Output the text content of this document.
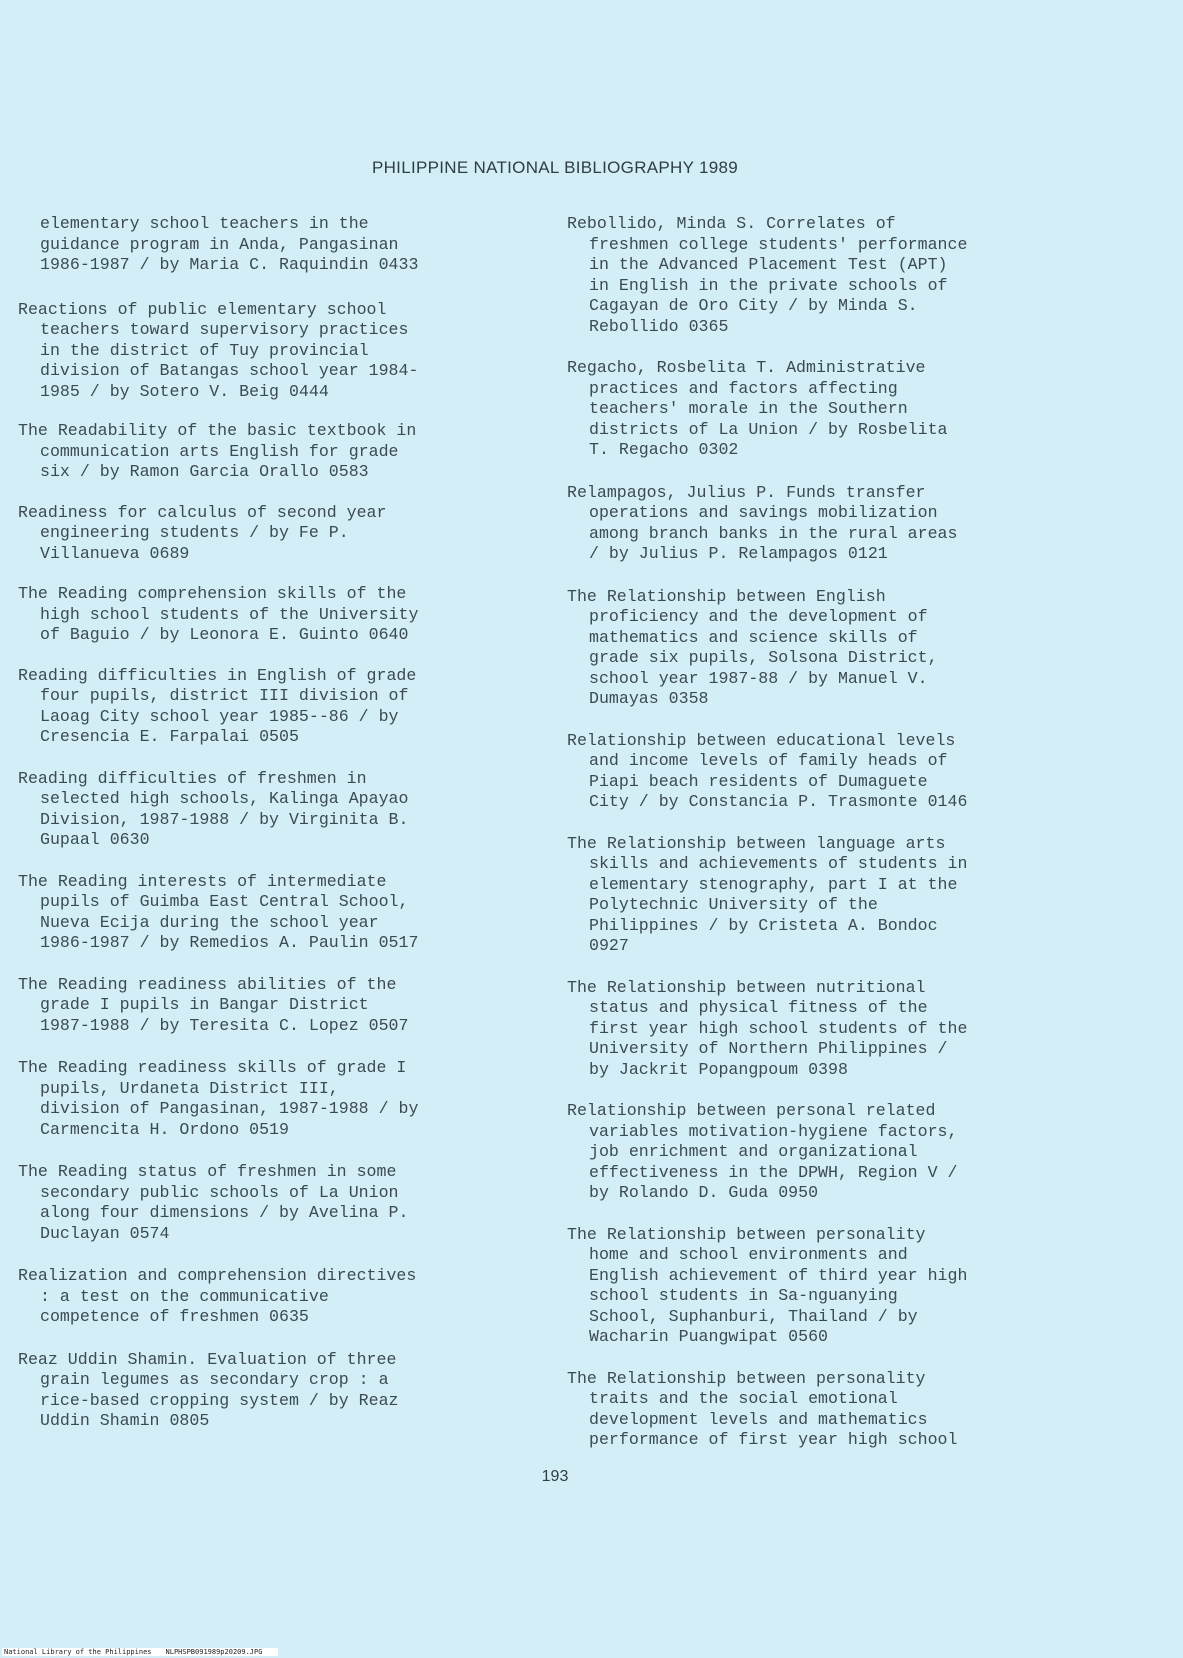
PHILIPPINE NATIONAL BIBLIOGRAPHY 1989
elementary school teachers in the
guidance program in Anda, Pangasinan
1986-1987 / by Maria C. Raquindin 0433
Reactions of public elementary school
teachers toward supervisory practices
in the district of Tuy provincial
division of Batangas school year 1984-
1985 / by Sotero V. Beig 0444
The Readability of the basic textbook in
communication arts English for grade
six / by Ramon Garcia Orallo 0583
Readiness for calculus of second year
engineering students / by Fe P.
Villanueva 0689
The Reading comprehension skills of the
high school students of the University
of Baguio / by Leonora E. Guinto 0640
Reading difficulties in English of grade
four pupils, district III division of
Laoag City school year 1985--86 / by
Cresencia E. Farpalai 0505
Reading difficulties of freshmen in
selected high schools, Kalinga Apayao
Division, 1987-1988 / by Virginita B.
Gupaal 0630
The Reading interests of intermediate
pupils of Guimba East Central School,
Nueva Ecija during the school year
1986-1987 / by Remedios A. Paulin 0517
The Reading readiness abilities of the
grade I pupils in Bangar District
1987-1988 / by Teresita C. Lopez 0507
The Reading readiness skills of grade I
pupils, Urdaneta District III,
division of Pangasinan, 1987-1988 / by
Carmencita H. Ordono 0519
The Reading status of freshmen in some
secondary public schools of La Union
along four dimensions / by Avelina P.
Duclayan 0574
Realization and comprehension directives
: a test on the communicative
competence of freshmen 0635
Reaz Uddin Shamin. Evaluation of three
grain legumes as secondary crop : a
rice-based cropping system / by Reaz
Uddin Shamin 0805
Rebollido, Minda S. Correlates of
freshmen college students' performance
in the Advanced Placement Test (APT)
in English in the private schools of
Cagayan de Oro City / by Minda S.
Rebollido 0365
Regacho, Rosbelita T. Administrative
practices and factors affecting
teachers' morale in the Southern
districts of La Union / by Rosbelita
T. Regacho 0302
Relampagos, Julius P. Funds transfer
operations and savings mobilization
among branch banks in the rural areas
/ by Julius P. Relampagos 0121
The Relationship between English
proficiency and the development of
mathematics and science skills of
grade six pupils, Solsona District,
school year 1987-88 / by Manuel V.
Dumayas 0358
Relationship between educational levels
and income levels of family heads of
Piapi beach residents of Dumaguete
City / by Constancia P. Trasmonte 0146
The Relationship between language arts
skills and achievements of students in
elementary stenography, part I at the
Polytechnic University of the
Philippines / by Cristeta A. Bondoc
0927
The Relationship between nutritional
status and physical fitness of the
first year high school students of the
University of Northern Philippines /
by Jackrit Popangpoum 0398
Relationship between personal related
variables motivation-hygiene factors,
job enrichment and organizational
effectiveness in the DPWH, Region V /
by Rolando D. Guda 0950
The Relationship between personality
home and school environments and
English achievement of third year high
school students in Sa-nguanying
School, Suphanburi, Thailand / by
Wacharin Puangwipat 0560
The Relationship between personality
traits and the social emotional
development levels and mathematics
performance of first year high school
193
National Library of the Philippines NLPHSPB091989p20209.JPG
